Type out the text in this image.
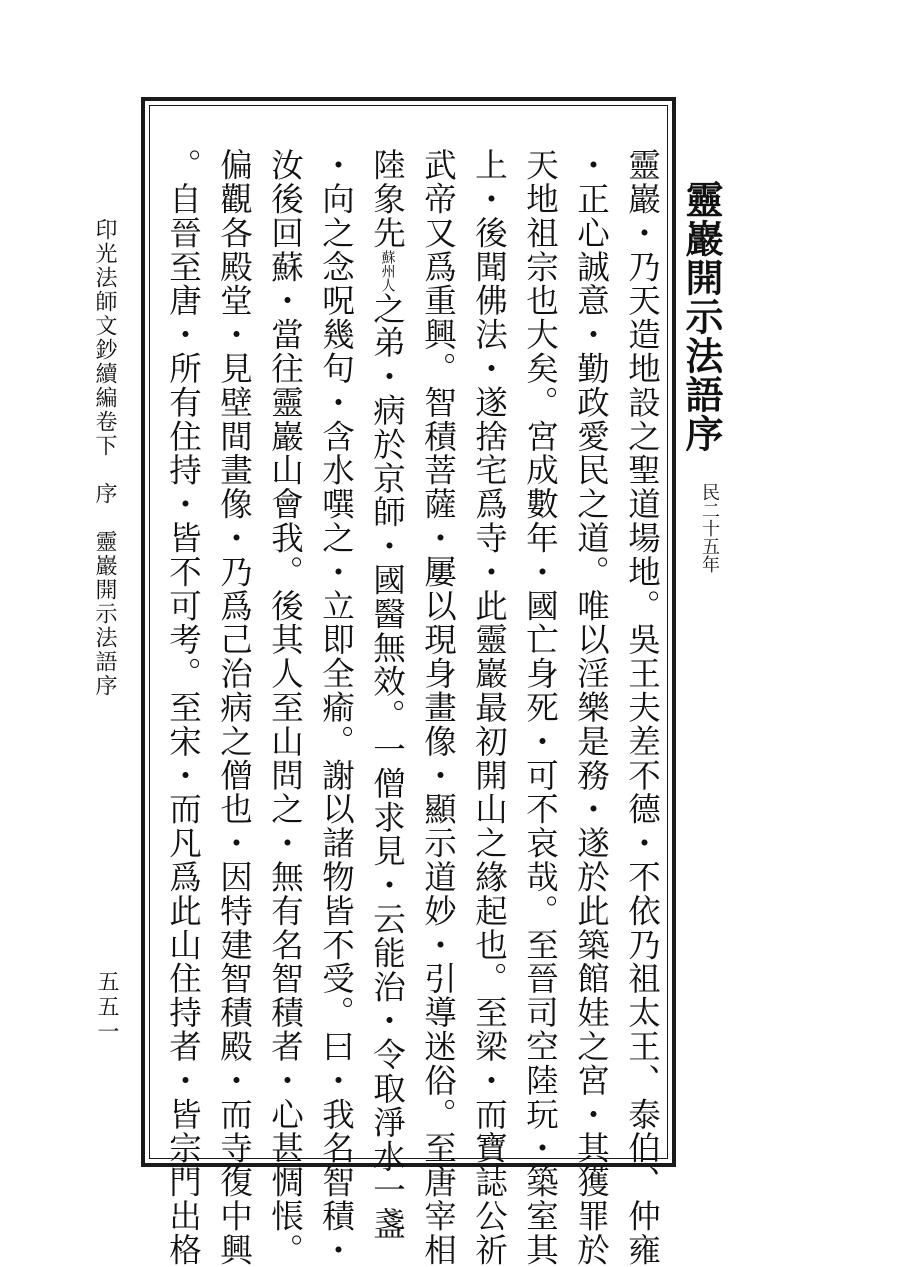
靈巖開示法語序
民二十五年
靈巖・乃天造地設之聖道場地。吳王夫差不德・不依乃祖太王、泰伯、仲雍
・正心誠意・勤政愛民之道。唯以淫樂是務・遂於此築館娃之宮・其獲罪於
天地祖宗也大矣。宮成數年・國亡身死・可不哀哉。至晉司空陸玩・築室其
上・後聞佛法・遂捨宅爲寺・此靈巖最初開山之緣起也。至梁・而寶誌公祈
武帝又爲重興。智積菩薩・屢以現身畫像・顯示道妙・引導迷俗。至唐宰相
陸象先蘇州人之弟・病於京師・國醫無效。一僧求見・云能治・令取淨水一盞
・向之念呪幾句・含水噀之・立即全瘉。謝以諸物皆不受。曰・我名智積・
汝後回蘇・當往靈巖山會我。後其人至山問之・無有名智積者・心甚惆悵。
偏觀各殿堂・見壁間畫像・乃爲己治病之僧也・因特建智積殿・而寺復中興
。自晉至唐・所有住持・皆不可考。至宋・而凡爲此山住持者・皆宗門出格
印光法師文鈔續編卷下　序　靈巖開示法語序
五五一
